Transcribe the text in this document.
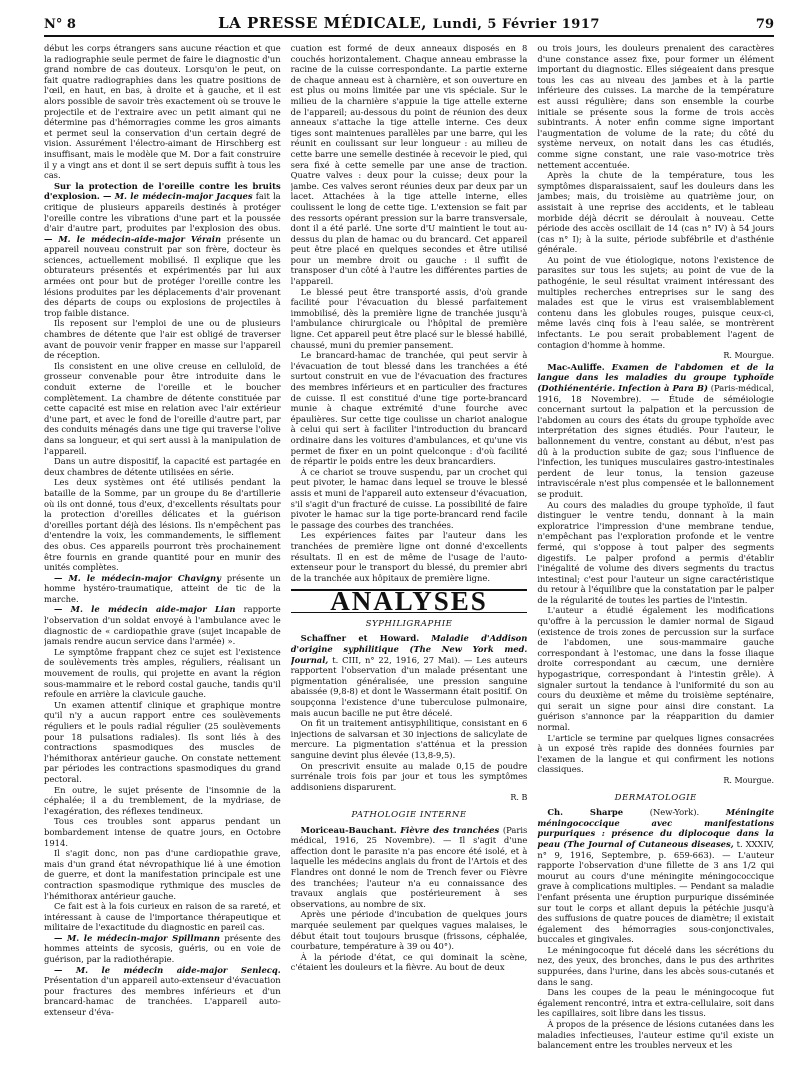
N° 8	LA PRESSE MÉDICALE, Lundi, 5 Février 1917	79

début les corps étrangers sans aucune réaction et que la radiographie seule permet de faire le diagnostic d'un grand nombre de cas douteux. Lorsqu'on le peut, on fait quatre radiographies dans les quatre positions de l'œil, en haut, en bas, à droite et à gauche, et il est alors possible de savoir très exactement où se trouve le projectile et de l'extraire avec un petit aimant qui ne détermine pas d'hémorragies comme les gros aimants et permet seul la conservation d'un certain degré de vision. Assurément l'électro-aimant de Hirschberg est insuffisant, mais le modèle que M. Dor a fait construire il y a vingt ans et dont il se sert depuis suffit à tous les cas.

Sur la protection de l'oreille contre les bruits d'explosion. — M. le médecin-major Jacques fait la critique de plusieurs appareils destinés à protéger l'oreille contre les vibrations d'une part et la poussée d'air d'autre part, produites par l'explosion des obus. — M. le médecin-aide-major Vérain présente un appareil nouveau construit par son frère, docteur ès sciences, actuellement mobilisé. Il explique que les obturateurs présentés et expérimentés par lui aux armées ont pour but de protéger l'oreille contre les lésions produites par les déplacements d'air provenant des départs de coups ou explosions de projectiles à trop faible distance.

Ils reposent sur l'emploi de une ou de plusieurs chambres de détente que l'air est obligé de traverser avant de pouvoir venir frapper en masse sur l'appareil de réception.

Ils consistent en une olive creuse en celluloïd, de grosseur convenable pour être introduite dans le conduit externe de l'oreille et le boucher complètement. La chambre de détente constituée par cette capacité est mise en relation avec l'air extérieur d'une part, et avec le fond de l'oreille d'autre part, par des conduits ménagés dans une tige qui traverse l'olive dans sa longueur, et qui sert aussi à la manipulation de l'appareil.

Dans un autre dispositif, la capacité est partagée en deux chambres de détente utilisées en série.

Les deux systèmes ont été utilisés pendant la bataille de la Somme, par un groupe du 8e d'artillerie où ils ont donné, tous d'eux, d'excellents résultats pour la protection d'oreilles délicates et la guérison d'oreilles portant déjà des lésions. Ils n'empêchent pas d'entendre la voix, les commandements, le sifflement des obus. Ces appareils pourront très prochainement être fournis en grande quantité pour en munir des unités complètes.

— M. le médecin-major Chavigny présente un homme hystéro-traumatique, atteint de tic de la marche.

— M. le médecin aide-major Lian rapporte l'observation d'un soldat envoyé à l'ambulance avec le diagnostic de « cardiopathie grave (sujet incapable de jamais rendre aucun service dans l'armée) ».

Le symptôme frappant chez ce sujet est l'existence de soulèvements très amples, réguliers, réalisant un mouvement de roulis, qui projette en avant la région sous-mammaire et le rebord costal gauche, tandis qu'il refoule en arrière la clavicule gauche.

Un examen attentif clinique et graphique montre qu'il n'y a aucun rapport entre ces soulèvements réguliers et le pouls radial régulier (25 soulèvements pour 18 pulsations radiales). Ils sont liés à des contractions spasmodiques des muscles de l'hémithorax antérieur gauche. On constate nettement par périodes les contractions spasmodiques du grand pectoral.

En outre, le sujet présente de l'insomnie de la céphalée; il a du tremblement, de la mydriase, de l'exagération, des réflexes tendineux.

Tous ces troubles sont apparus pendant un bombardement intense de quatre jours, en Octobre 1914.

Il s'agit donc, non pas d'une cardiopathie grave, mais d'un grand état névropathique lié à une émotion de guerre, et dont la manifestation principale est une contraction spasmodique rythmique des muscles de l'hémithorax antérieur gauche.

Ce fait est à la fois curieux en raison de sa rareté, et intéressant à cause de l'importance thérapeutique et militaire de l'exactitude du diagnostic en pareil cas.

— M. le médecin-major Spillmann présente des hommes atteints de sycosis, guéris, ou en voie de guérison, par la radiothérapie.

— M. le médecin aide-major Senlecq. Présentation d'un appareil auto-extenseur d'évacuation pour fractures des membres inférieurs et d'un brancard-hamac de tranchées. L'appareil auto-extenseur d'éva-

cuation est formé de deux anneaux disposés en 8 couchés horizontalement. Chaque anneau embrasse la racine de la cuisse correspondante. La partie externe de chaque anneau est à charnière, et son ouverture en est plus ou moins limitée par une vis spéciale. Sur le milieu de la charnière s'appuie la tige attelle externe de l'appareil; au-dessous du point de réunion des deux anneaux s'attache la tige attelle interne. Ces deux tiges sont maintenues parallèles par une barre, qui les réunit en coulissant sur leur longueur : au milieu de cette barre une semelle destinée à recevoir le pied, qui sera fixé à cette semelle par une anse de traction. Quatre valves : deux pour la cuisse; deux pour la jambe. Ces valves seront réunies deux par deux par un lacet. Attachées à la tige attelle interne, elles coulissent le long de cette tige. L'extension se fait par des ressorts opérant pression sur la barre transversale, dont il a été parlé. Une sorte d'U maintient le tout au-dessus du plan de hamac ou du brancard. Cet appareil peut être placé en quelques secondes et être utilisé pour un membre droit ou gauche : il suffit de transposer d'un côté à l'autre les différentes parties de l'appareil.

Le blessé peut être transporté assis, d'où grande facilité pour l'évacuation du blessé parfaitement immobilisé, dès la première ligne de tranchée jusqu'à l'ambulance chirurgicale ou l'hôpital de première ligne. Cet appareil peut être placé sur le blessé habillé, chaussé, muni du premier pansement.

Le brancard-hamac de tranchée, qui peut servir à l'évacuation de tout blessé dans les tranchées a été surtout construit en vue de l'évacuation des fractures des membres inférieurs et en particulier des fractures de cuisse. Il est constitué d'une tige porte-brancard munie à chaque extrémité d'une fourche avec épaulières. Sur cette tige coulisse un chariot analogue à celui qui sert à faciliter l'introduction du brancard ordinaire dans les voitures d'ambulances, et qu'une vis permet de fixer en un point quelconque : d'où facilité de répartir le poids entre les deux brancardiers.

À ce chariot se trouve suspendu, par un crochet qui peut pivoter, le hamac dans lequel se trouve le blessé assis et muni de l'appareil auto extenseur d'évacuation, s'il s'agit d'un fracturé de cuisse. La possibilité de faire pivoter le hamac sur la tige porte-brancard rend facile le passage des courbes des tranchées.

Les expériences faites par l'auteur dans les tranchées de première ligne ont donné d'excellents résultats. Il en est de même de l'usage de l'auto-extenseur pour le transport du blessé, du premier abri de la tranchée aux hôpitaux de première ligne.

ANALYSES
SYPHILIGRAPHIE

Schaffner et Howard. Maladie d'Addison d'origine syphilitique (The New York med. Journal, t. CIII, n° 22, 1916, 27 Mai). — Les auteurs rapportent l'observation d'un malade présentant une pigmentation généralisée, une pression sanguine abaissée (9,8-8) et dont le Wassermann était positif. On soupçonna l'existence d'une tuberculose pulmonaire, mais aucun bacille ne put être décelé.

On fit un traitement antisyphilitique, consistant en 6 injections de salvarsan et 30 injections de salicylate de mercure. La pigmentation s'atténua et la pression sanguine devint plus élevée (13,8-9,5).

On prescrivit ensuite au malade 0,15 de poudre surrénale trois fois par jour et tous les symptômes addisoniens disparurent.

R. B
PATHOLOGIE INTERNE

Moriceau-Bauchant. Fièvre des tranchées (Paris médical, 1916, 25 Novembre). — Il s'agit d'une affection dont le parasite n'a pas encore été isolé, et à laquelle les médecins anglais du front de l'Artois et des Flandres ont donné le nom de Trench fever ou Fièvre des tranchées; l'auteur n'a eu connaissance des travaux anglais que postérieurement à ses observations, au nombre de six.

Après une période d'incubation de quelques jours marquée seulement par quelques vagues malaises, le début était tout toujours brusque (frissons, céphalée, courbature, température à 39 ou 40°).

À la période d'état, ce qui dominait la scène, c'étaient les douleurs et la fièvre. Au bout de deux

ou trois jours, les douleurs prenaient des caractères d'une constance assez fixe, pour former un élément important du diagnostic. Elles siégeaient dans presque tous les cas au niveau des jambes et à la partie inférieure des cuisses. La marche de la température est aussi régulière; dans son ensemble la courbe initiale se présente sous la forme de trois accès subintrants. À noter enfin comme signe important l'augmentation de volume de la rate; du côté du système nerveux, on notait dans les cas étudiés, comme signe constant, une raie vaso-motrice très nettement accentuée.

Après la chute de la température, tous les symptômes disparaissaient, sauf les douleurs dans les jambes; mais, du troisième au quatrième jour, on assistait à une reprise des accidents, et le tableau morbide déjà décrit se déroulait à nouveau. Cette période des accès oscillait de 14 (cas n° IV) à 54 jours (cas n° I); à la suite, période subfébrile et d'asthénie générale.

Au point de vue étiologique, notons l'existence de parasites sur tous les sujets; au point de vue de la pathogénie, le seul résultat vraiment intéressant des multiples recherches entreprises sur le sang des malades est que le virus est vraisemblablement contenu dans les globules rouges, puisque ceux-ci, même lavés cinq fois à l'eau salée, se montrèrent infectants. Le pou serait probablement l'agent de contagion d'homme à homme.

R. Mourgue.

Mac-Auliffe. Examen de l'abdomen et de la langue dans les maladies du groupe typhoïde (Dothiénentérie. Infection à Para B) (Paris-médical, 1916, 18 Novembre). — Étude de séméiologie concernant surtout la palpation et la percussion de l'abdomen au cours des états du groupe typhoïde avec interprétation des signes étudiés. Pour l'auteur, le ballonnement du ventre, constant au début, n'est pas dû à la production subite de gaz; sous l'influence de l'infection, les tuniques musculaires gastro-intestinales perdent de leur tonus, la tension gazeuse intraviscérale n'est plus compensée et le ballonnement se produit.

Au cours des maladies du groupe typhoïde, il faut distinguer le ventre tendu, donnant à la main exploratrice l'impression d'une membrane tendue, n'empêchant pas l'exploration profonde et le ventre fermé, qui s'oppose à tout palper des segments digestifs. Le palper profond a permis d'établir l'inégalité de volume des divers segments du tractus intestinal; c'est pour l'auteur un signe caractéristique du retour à l'équilibre que la constatation par le palper de la régularité de toutes les parties de l'intestin.

L'auteur a étudié également les modifications qu'offre à la percussion le damier normal de Sigaud (existence de trois zones de percussion sur la surface de l'abdomen, une sous-mammaire gauche correspondant à l'estomac, une dans la fosse iliaque droite correspondant au cæcum, une dernière hypogastrique, correspondant à l'intestin grêle). À signaler surtout la tendance à l'uniformité du son au cours du deuxième et même du troisième septénaire, qui serait un signe pour ainsi dire constant. La guérison s'annonce par la réapparition du damier normal.

L'article se termine par quelques lignes consacrées à un exposé très rapide des données fournies par l'examen de la langue et qui confirment les notions classiques.

R. Mourgue.
DERMATOLOGIE

Ch. Sharpe	(New-York).	Méningite méningococcique avec manifestations purpuriques : présence du diplocoque dans la peau (The Journal of Cutaneous diseases, t. XXXIV, n° 9, 1916, Septembre, p. 659-663). — L'auteur rapporte l'observation d'une fillette de 3 ans 1/2 qui mourut au cours d'une méningite méningococcique grave à complications multiples. — Pendant sa maladie l'enfant présenta une éruption purpurique disséminée sur tout le corps et allant depuis la pétéchie jusqu'à des suffusions de quatre pouces de diamètre; il existait également des hémorragies sous-conjonctivales, buccales et gingivales.

Le méningocoque fut décelé dans les sécrétions du nez, des yeux, des bronches, dans le pus des arthrites suppurées, dans l'urine, dans les abcès sous-cutanés et dans le sang.

Dans les coupes de la peau le méningocoque fut également rencontré, intra et extra-cellulaire, soit dans les capillaires, soit libre dans les tissus.

À propos de la présence de lésions cutanées dans les maladies infectieuses, l'auteur estime qu'il existe un balancement entre les troubles nerveux et les
